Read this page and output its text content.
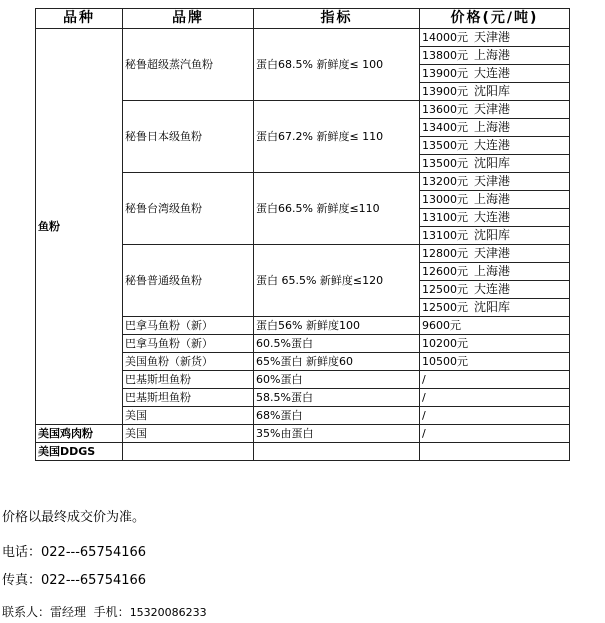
品种	品牌	指标	价格(元/吨)
鱼粉	秘鲁超级蒸汽鱼粉	蛋白68.5% 新鲜度≤ 100	14000元 天津港
			13800元 上海港
			13900元 大连港
			13900元 沈阳库
	秘鲁日本级鱼粉	蛋白67.2% 新鲜度≤ 110	13600元 天津港
			13400元 上海港
			13500元 大连港
			13500元 沈阳库
	秘鲁台湾级鱼粉	蛋白66.5% 新鲜度≤110	13200元 天津港
			13000元 上海港
			13100元 大连港
			13100元 沈阳库
	秘鲁普通级鱼粉	蛋白 65.5% 新鲜度≤120	12800元 天津港
			12600元 上海港
			12500元 大连港
			12500元 沈阳库
	巴拿马鱼粉（新）	蛋白56% 新鲜度100	9600元
	巴拿马鱼粉（新）	60.5%蛋白	10200元
	美国鱼粉（新货）	65%蛋白 新鲜度60	10500元
	巴基斯坦鱼粉	60%蛋白	/
	巴基斯坦鱼粉	58.5%蛋白	/
	美国	68%蛋白	/
美国鸡肉粉	美国	35%由蛋白	/
美国DDGS			
价格以最终成交价为准。
电话：022---65754166
传真：022---65754166
联系人：雷经理 手机：15320086233
